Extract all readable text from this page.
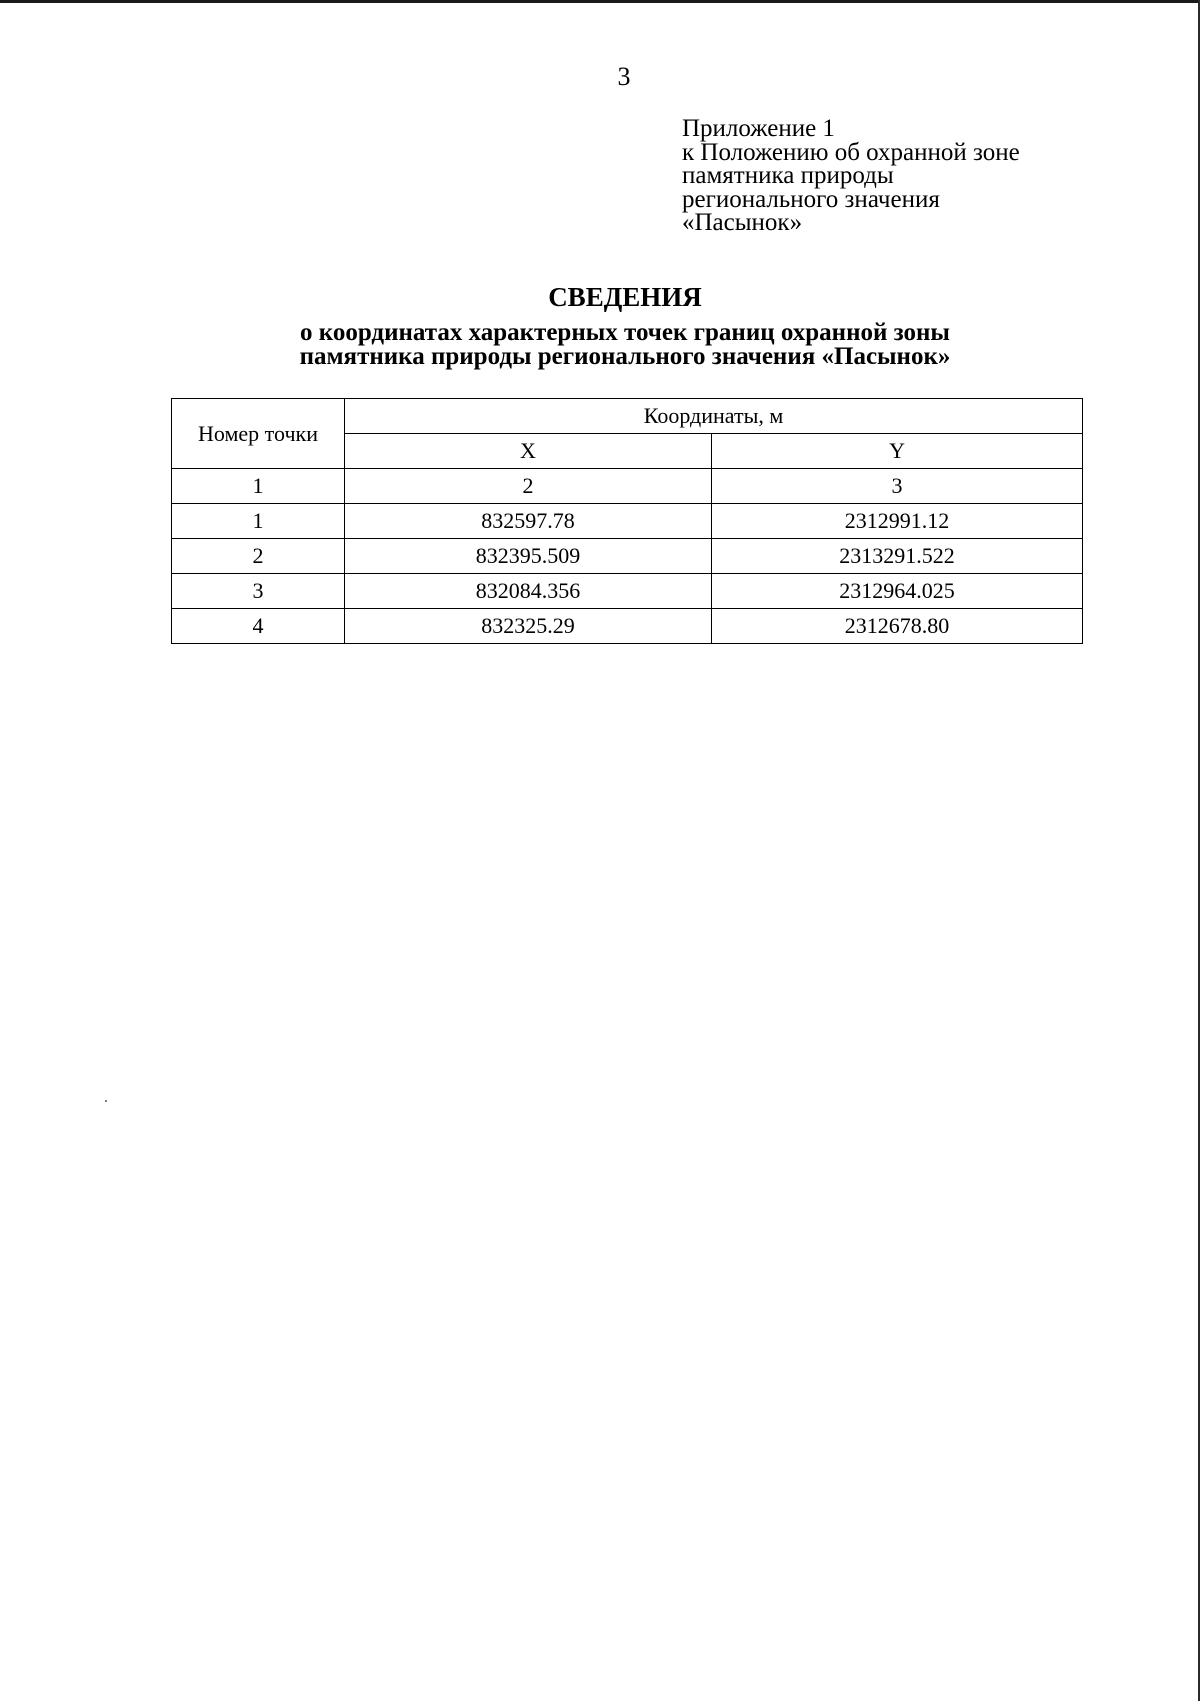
3
Приложение 1
к Положению об охранной зоне
памятника природы
регионального значения
«Пасынок»
СВЕДЕНИЯ
о координатах характерных точек границ охранной зоны
памятника природы регионального значения «Пасынок»
Номер точки	Координаты, м	
	X	Y
1	2	3
1	832597.78	2312991.12
2	832395.509	2313291.522
3	832084.356	2312964.025
4	832325.29	2312678.80
